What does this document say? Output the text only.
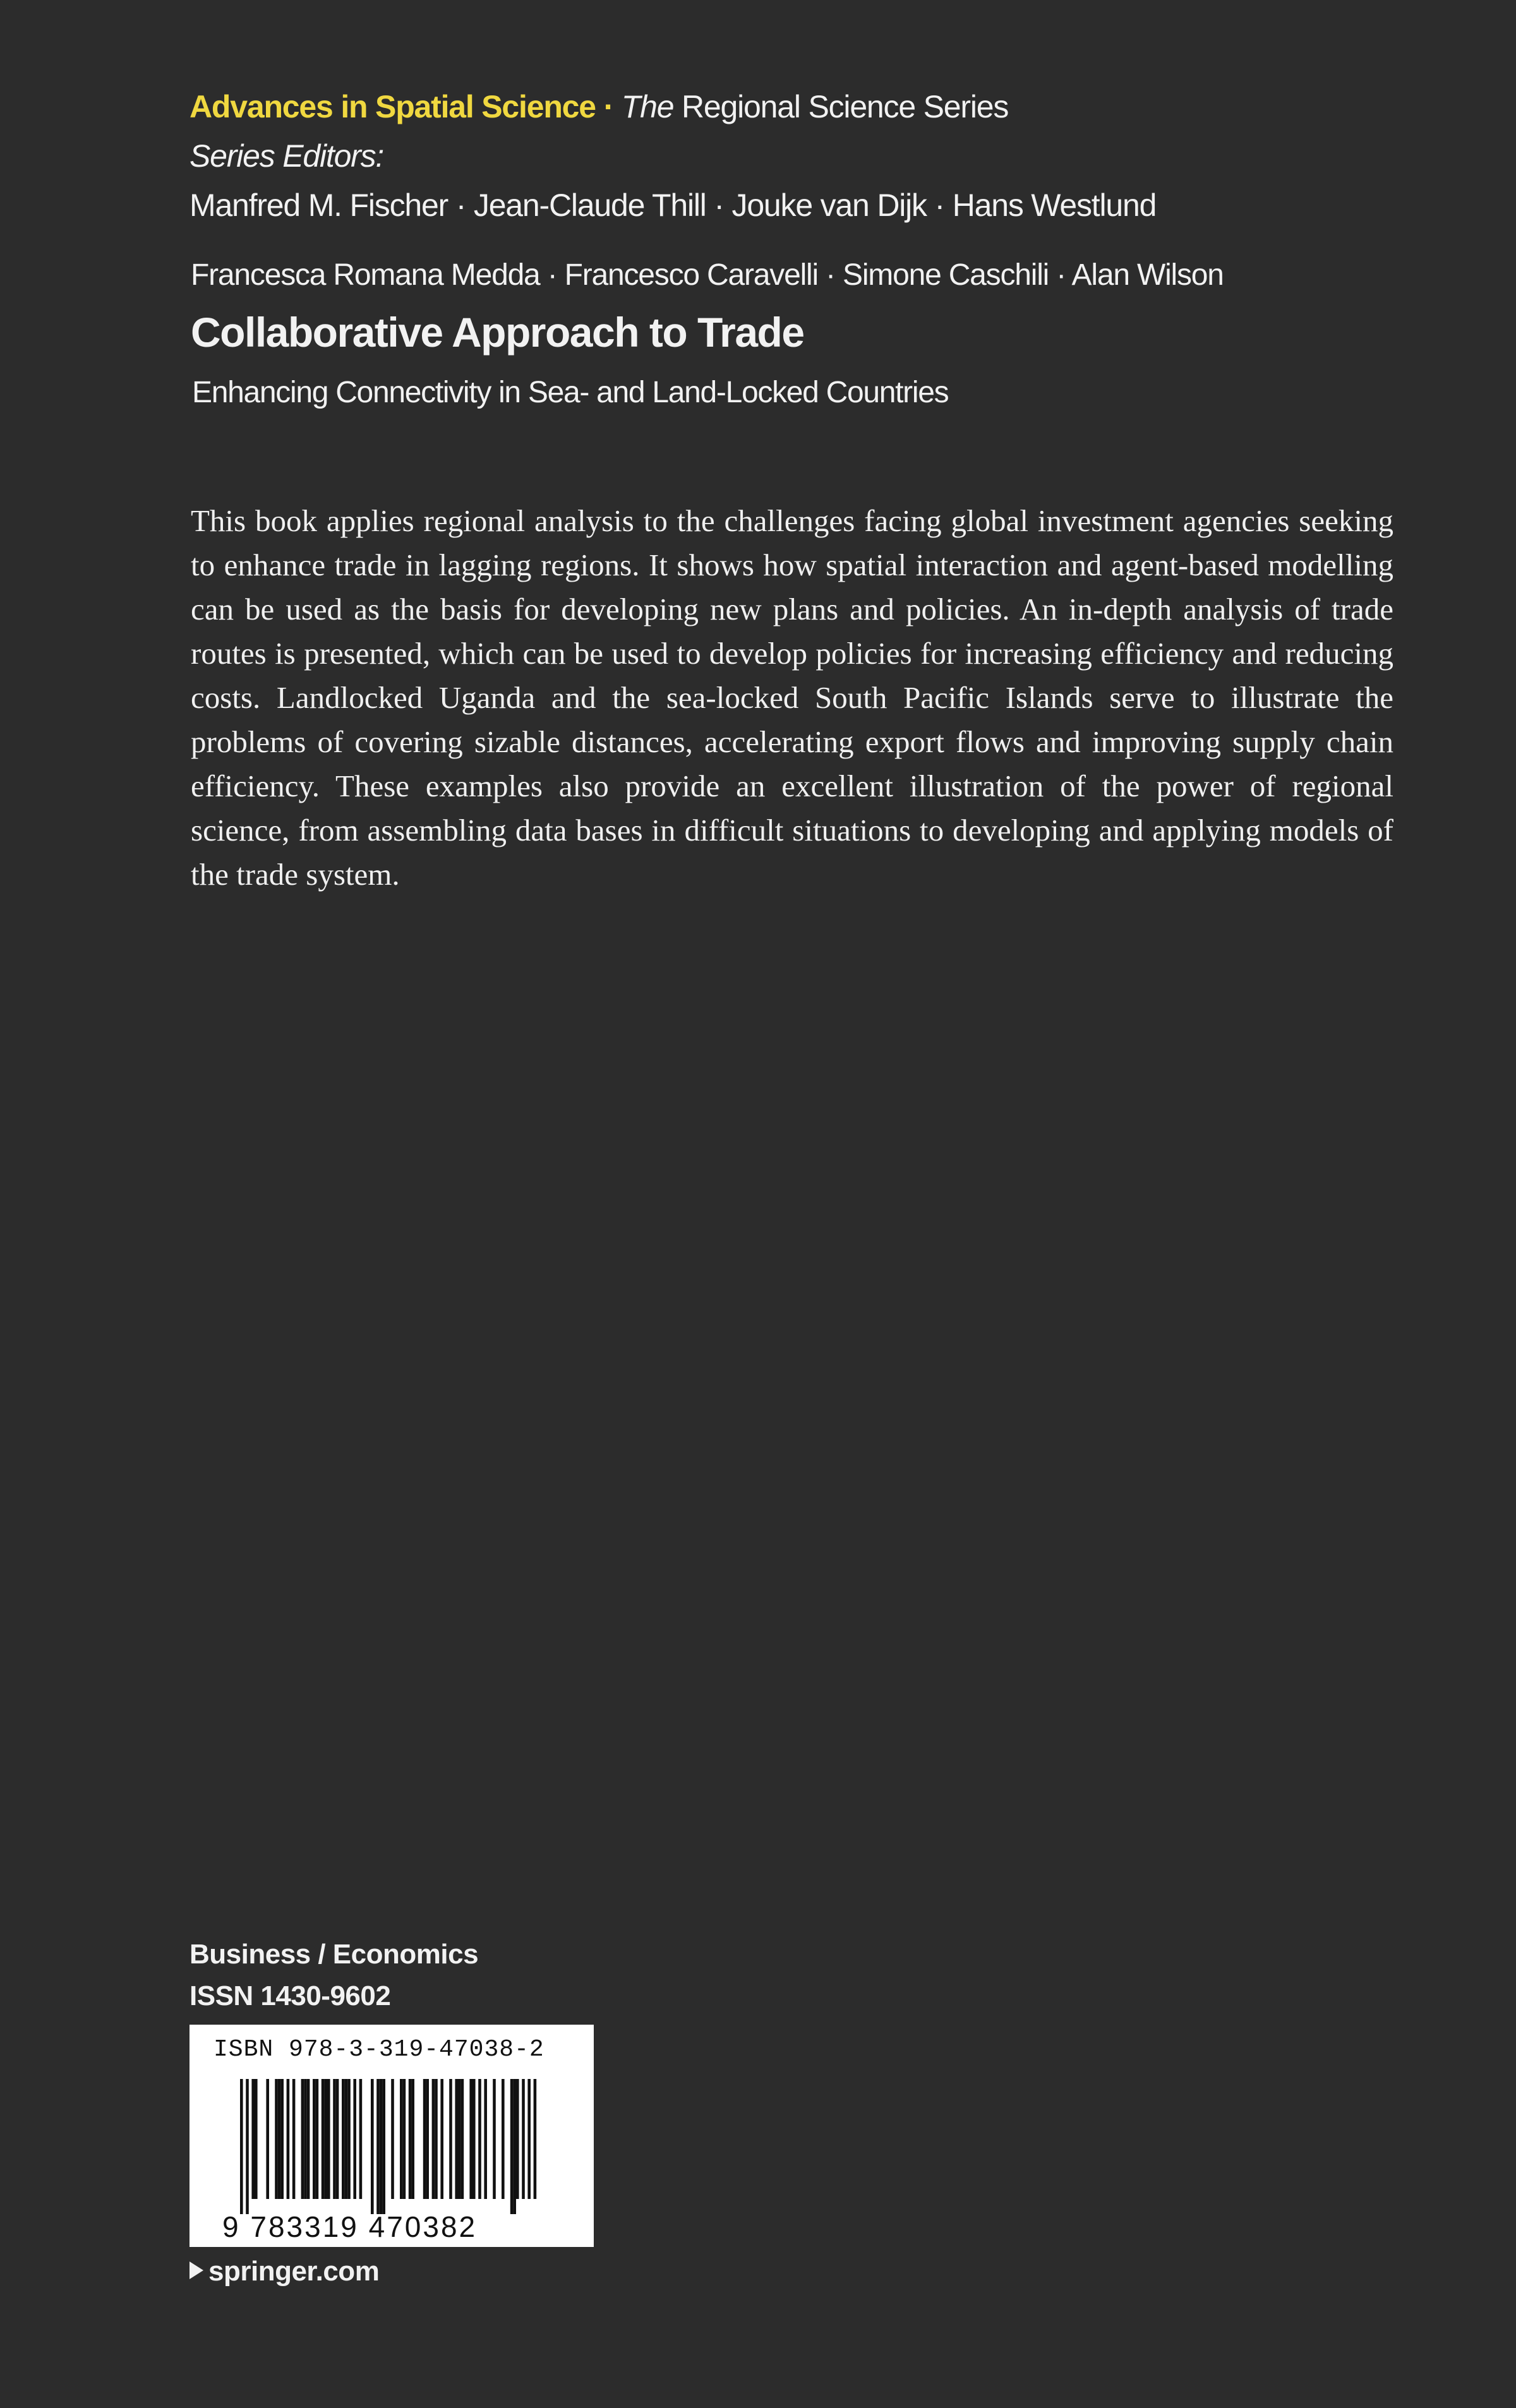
Advances in Spatial Science · The Regional Science Series
Series Editors:
Manfred M. Fischer · Jean-Claude Thill · Jouke van Dijk · Hans Westlund
Francesca Romana Medda · Francesco Caravelli · Simone Caschili · Alan Wilson
Collaborative Approach to Trade
Enhancing Connectivity in Sea- and Land-Locked Countries
This book applies regional analysis to the challenges facing global investment agencies seeking to enhance trade in lagging regions. It shows how spatial interaction and agent-based modelling can be used as the basis for developing new plans and policies. An in-depth analysis of trade routes is presented, which can be used to develop policies for increasing efficiency and reducing costs. Landlocked Uganda and the sea-locked South Pacific Islands serve to illustrate the problems of covering sizable distances, accelerating export flows and improving supply chain efficiency. These examples also provide an excellent illustration of the power of regional science, from assembling data bases in difficult situations to developing and applying models of the trade system.
Business / Economics
ISSN 1430-9602
ISBN 978-3-319-47038-2
9 783319 470382
springer.com
